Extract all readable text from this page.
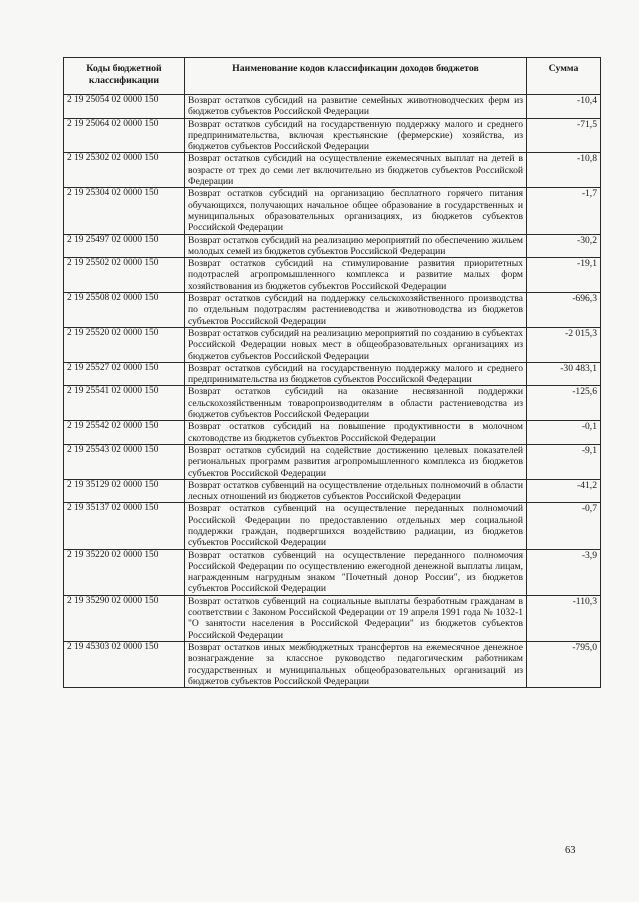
Коды бюджетной классификации	Наименование кодов классификации доходов бюджетов	Сумма
2 19 25054 02 0000 150	Возврат остатков субсидий на развитие семейных животноводческих ферм из бюджетов субъектов Российской Федерации	-10,4
2 19 25064 02 0000 150	Возврат остатков субсидий на государственную поддержку малого и среднего предпринимательства, включая крестьянские (фермерские) хозяйства, из бюджетов субъектов Российской Федерации	-71,5
2 19 25302 02 0000 150	Возврат остатков субсидий на осуществление ежемесячных выплат на детей в возрасте от трех до семи лет включительно из бюджетов субъектов Российской Федерации	-10,8
2 19 25304 02 0000 150	Возврат остатков субсидий на организацию бесплатного горячего питания обучающихся, получающих начальное общее образование в государственных и муниципальных образовательных организациях, из бюджетов субъектов Российской Федерации	-1,7
2 19 25497 02 0000 150	Возврат остатков субсидий на реализацию мероприятий по обеспечению жильем молодых семей из бюджетов субъектов Российской Федерации	-30,2
2 19 25502 02 0000 150	Возврат остатков субсидий на стимулирование развития приоритетных подотраслей агропромышленного комплекса и развитие малых форм хозяйствования из бюджетов субъектов Российской Федерации	-19,1
2 19 25508 02 0000 150	Возврат остатков субсидий на поддержку сельскохозяйственного производства по отдельным подотраслям растениеводства и животноводства из бюджетов субъектов Российской Федерации	-696,3
2 19 25520 02 0000 150	Возврат остатков субсидий на реализацию мероприятий по созданию в субъектах Российской Федерации новых мест в общеобразовательных организациях из бюджетов субъектов Российской Федерации	-2 015,3
2 19 25527 02 0000 150	Возврат остатков субсидий на государственную поддержку малого и среднего предпринимательства из бюджетов субъектов Российской Федерации	-30 483,1
2 19 25541 02 0000 150	Возврат остатков субсидий на оказание несвязанной поддержки сельскохозяйственным товаропроизводителям в области растениеводства из бюджетов субъектов Российской Федерации	-125,6
2 19 25542 02 0000 150	Возврат остатков субсидий на повышение продуктивности в молочном скотоводстве из бюджетов субъектов Российской Федерации	-0,1
2 19 25543 02 0000 150	Возврат остатков субсидий на содействие достижению целевых показателей региональных программ развития агропромышленного комплекса из бюджетов субъектов Российской Федерации	-9,1
2 19 35129 02 0000 150	Возврат остатков субвенций на осуществление отдельных полномочий в области лесных отношений из бюджетов субъектов Российской Федерации	-41,2
2 19 35137 02 0000 150	Возврат остатков субвенций на осуществление переданных полномочий Российской Федерации по предоставлению отдельных мер социальной поддержки граждан, подвергшихся воздействию радиации, из бюджетов субъектов Российской Федерации	-0,7
2 19 35220 02 0000 150	Возврат остатков субвенций на осуществление переданного полномочия Российской Федерации по осуществлению ежегодной денежной выплаты лицам, награжденным нагрудным знаком "Почетный донор России", из бюджетов субъектов Российской Федерации	-3,9
2 19 35290 02 0000 150	Возврат остатков субвенций на социальные выплаты безработным гражданам в соответствии с Законом Российской Федерации от 19 апреля 1991 года № 1032-1 "О занятости населения в Российской Федерации" из бюджетов субъектов Российской Федерации	-110,3
2 19 45303 02 0000 150	Возврат остатков иных межбюджетных трансфертов на ежемесячное денежное вознаграждение за классное руководство педагогическим работникам государственных и муниципальных общеобразовательных организаций из бюджетов субъектов Российской Федерации	-795,0
63
